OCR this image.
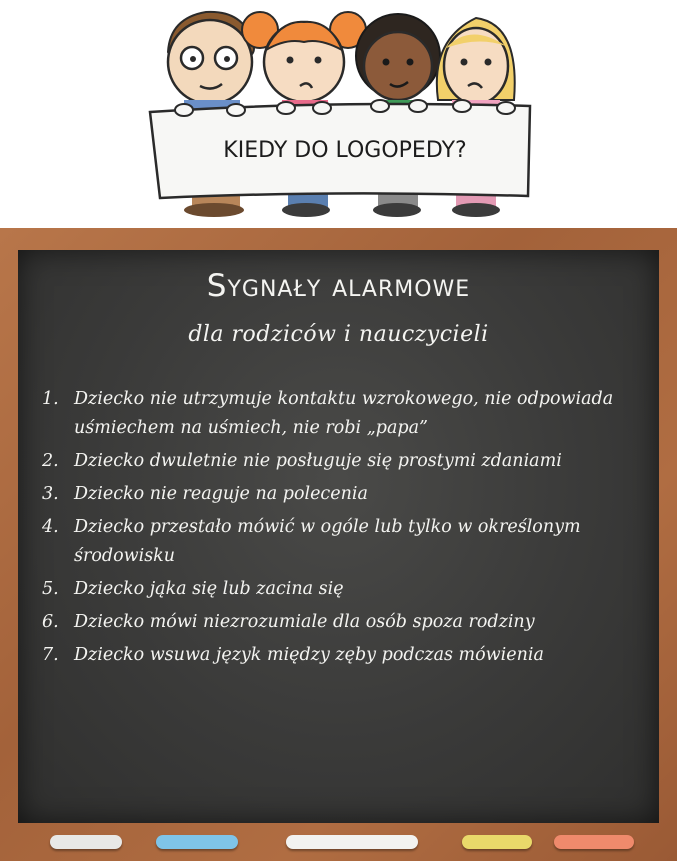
KIEDY DO LOGOPEDY?
Sygnały alarmowe
dla rodziców i nauczycieli
1. Dziecko nie utrzymuje kontaktu wzrokowego, nie odpowiada uśmiechem na uśmiech, nie robi „papa”
2. Dziecko dwuletnie nie posługuje się prostymi zdaniami
3. Dziecko nie reaguje na polecenia
4. Dziecko przestało mówić w ogóle lub tylko w określonym środowisku
5. Dziecko jąka się lub zacina się
6. Dziecko mówi niezrozumiale dla osób spoza rodziny
7. Dziecko wsuwa język między zęby podczas mówienia
